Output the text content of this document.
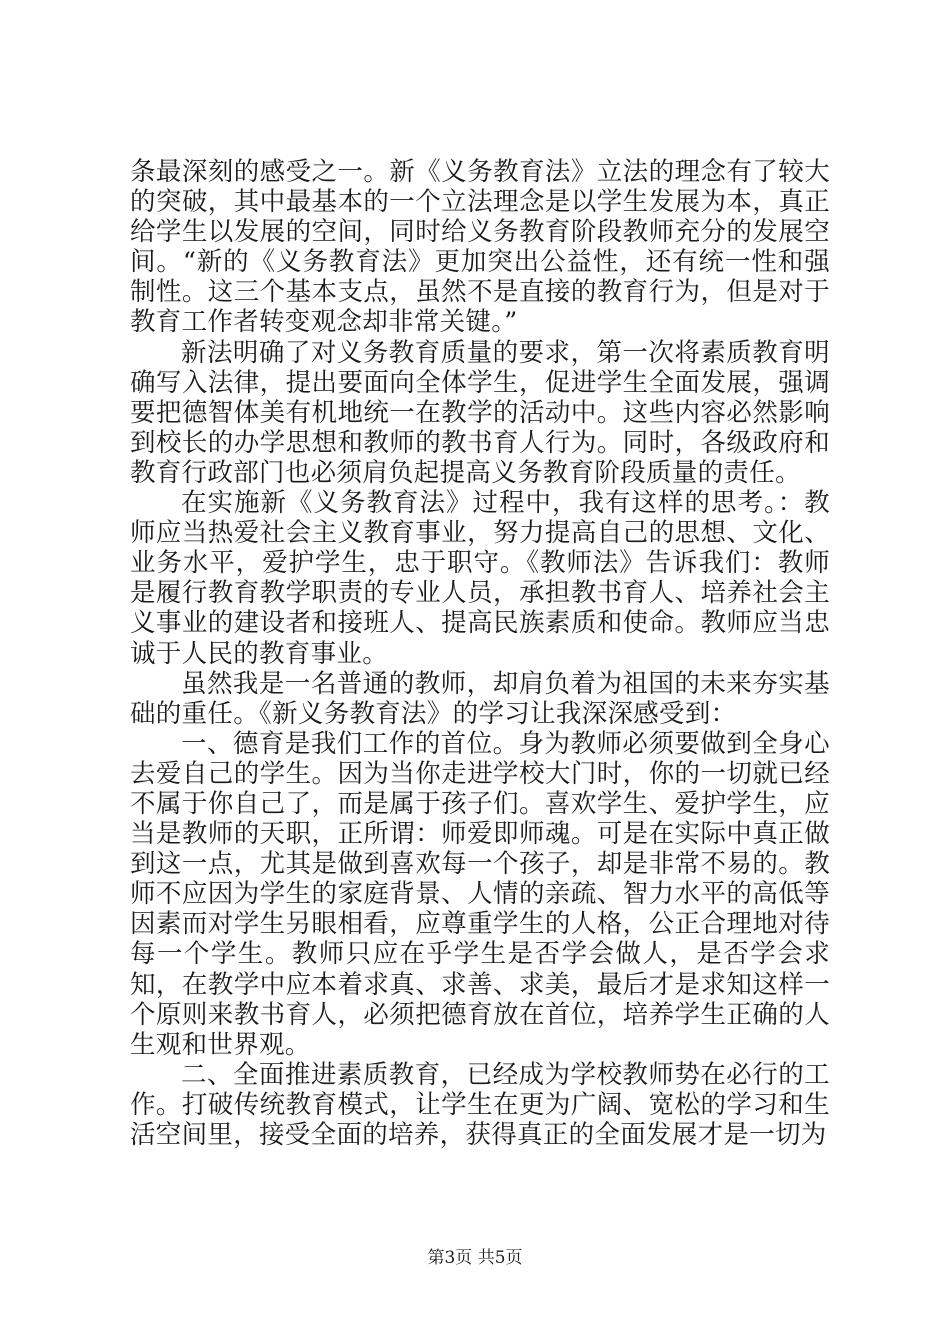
条最深刻的感受之一。新《义务教育法》立法的理念有了较大的突破，其中最基本的一个立法理念是以学生发展为本，真正给学生以发展的空间，同时给义务教育阶段教师充分的发展空间。“新的《义务教育法》更加突出公益性，还有统一性和强制性。这三个基本支点，虽然不是直接的教育行为，但是对于教育工作者转变观念却非常关键。”

新法明确了对义务教育质量的要求，第一次将素质教育明确写入法律，提出要面向全体学生，促进学生全面发展，强调要把德智体美有机地统一在教学的活动中。这些内容必然影响到校长的办学思想和教师的教书育人行为。同时，各级政府和教育行政部门也必须肩负起提高义务教育阶段质量的责任。

在实施新《义务教育法》过程中，我有这样的思考。：教师应当热爱社会主义教育事业，努力提高自己的思想、文化、业务水平，爱护学生，忠于职守。《教师法》告诉我们：教师是履行教育教学职责的专业人员，承担教书育人、培养社会主义事业的建设者和接班人、提高民族素质和使命。教师应当忠诚于人民的教育事业。

虽然我是一名普通的教师，却肩负着为祖国的未来夯实基础的重任。《新义务教育法》的学习让我深深感受到：

一、德育是我们工作的首位。身为教师必须要做到全身心去爱自己的学生。因为当你走进学校大门时，你的一切就已经不属于你自己了，而是属于孩子们。喜欢学生、爱护学生，应当是教师的天职，正所谓：师爱即师魂。可是在实际中真正做到这一点，尤其是做到喜欢每一个孩子，却是非常不易的。教师不应因为学生的家庭背景、人情的亲疏、智力水平的高低等因素而对学生另眼相看，应尊重学生的人格，公正合理地对待每一个学生。教师只应在乎学生是否学会做人，是否学会求知，在教学中应本着求真、求善、求美，最后才是求知这样一个原则来教书育人，必须把德育放在首位，培养学生正确的人生观和世界观。

二、全面推进素质教育，已经成为学校教师势在必行的工作。打破传统教育模式，让学生在更为广阔、宽松的学习和生活空间里，接受全面的培养，获得真正的全面发展才是一切为

第3页 共5页
